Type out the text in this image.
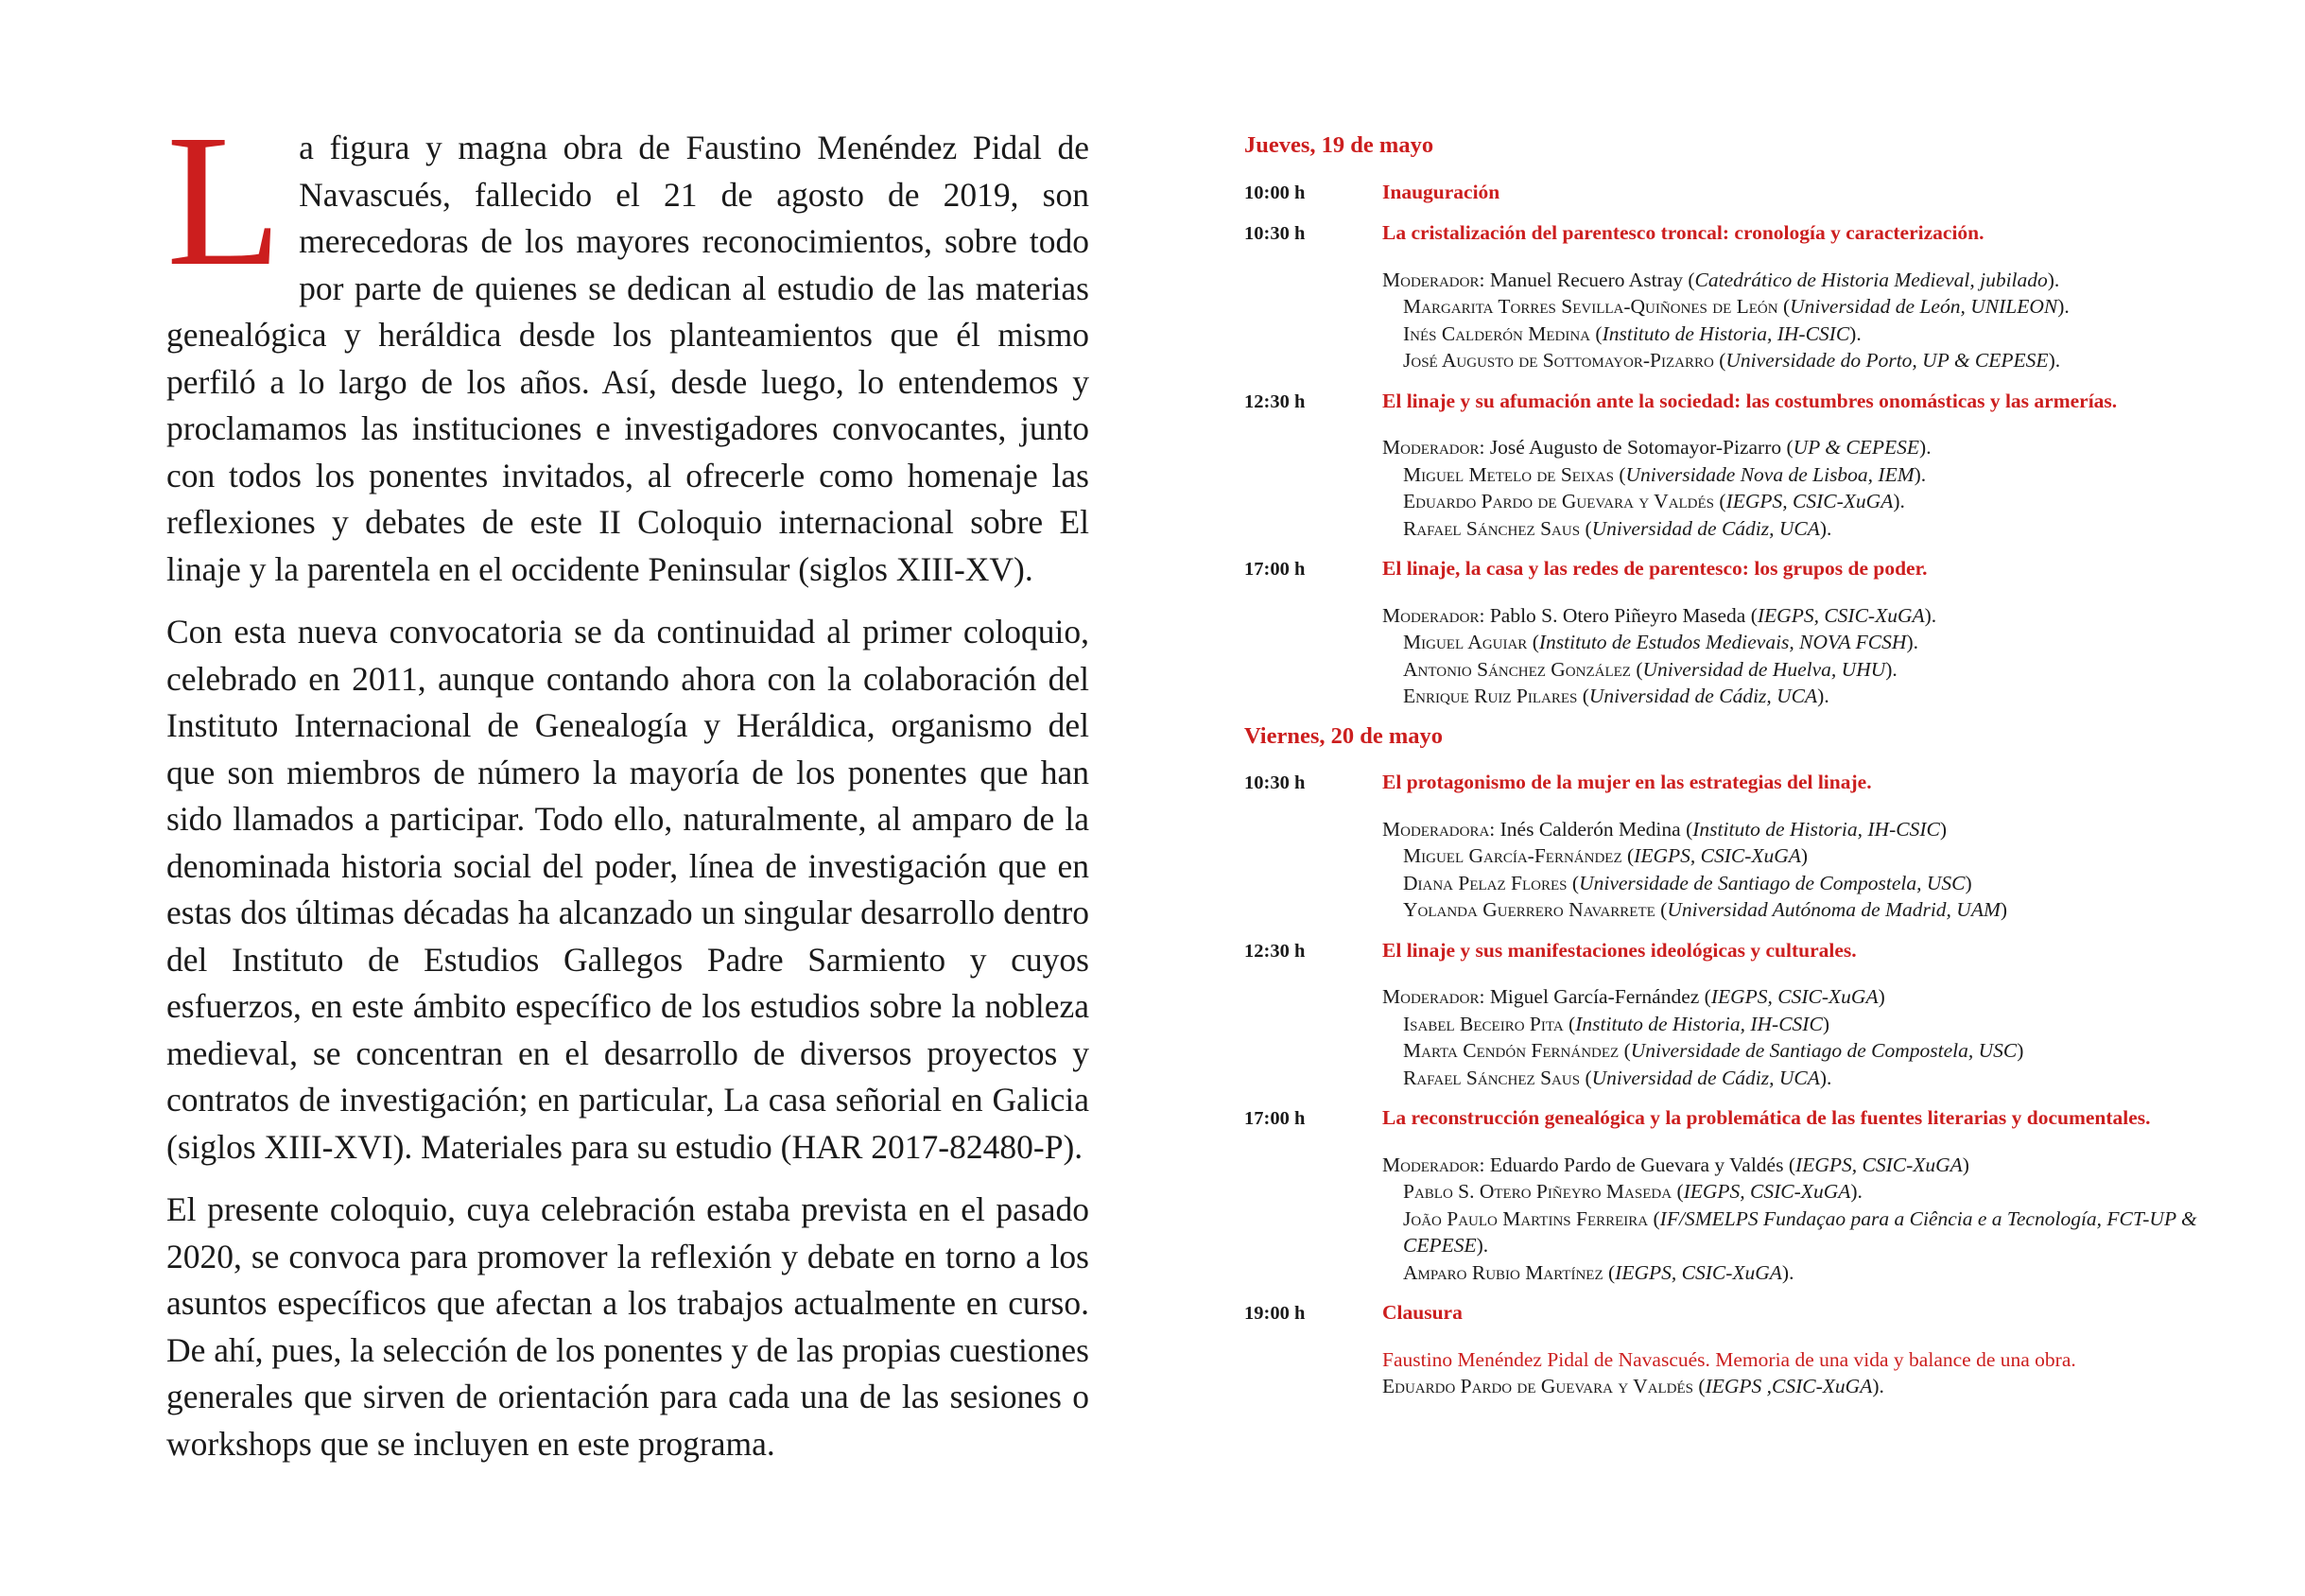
La figura y magna obra de Faustino Menéndez Pidal de Navascués, fallecido el 21 de agosto de 2019, son merecedoras de los mayores reconocimientos, sobre todo por parte de quienes se dedican al estudio de las materias genealógica y heráldica desde los planteamientos que él mismo perfiló a lo largo de los años. Así, desde luego, lo entendemos y proclamamos las instituciones e investigadores convocantes, junto con todos los ponentes invitados, al ofrecerle como homenaje las reflexiones y debates de este II Coloquio internacional sobre El linaje y la parentela en el occidente Peninsular (siglos XIII-XV).

Con esta nueva convocatoria se da continuidad al primer coloquio, celebrado en 2011, aunque contando ahora con la colaboración del Instituto Internacional de Genealogía y Heráldica, organismo del que son miembros de número la mayoría de los ponentes que han sido llamados a participar. Todo ello, naturalmente, al amparo de la denominada historia social del poder, línea de investigación que en estas dos últimas décadas ha alcanzado un singular desarrollo dentro del Instituto de Estudios Gallegos Padre Sarmiento y cuyos esfuerzos, en este ámbito específico de los estudios sobre la nobleza medieval, se concentran en el desarrollo de diversos proyectos y contratos de investigación; en particular, La casa señorial en Galicia (siglos XIII-XVI). Materiales para su estudio (HAR 2017-82480-P).

El presente coloquio, cuya celebración estaba prevista en el pasado 2020, se convoca para promover la reflexión y debate en torno a los asuntos específicos que afectan a los trabajos actualmente en curso. De ahí, pues, la selección de los ponentes y de las propias cuestiones generales que sirven de orientación para cada una de las sesiones o workshops que se incluyen en este programa.

Jueves, 19 de mayo
10:00 h	Inauguración
10:30 h	La cristalización del parentesco troncal: cronología y caracterización.

Moderador: Manuel Recuero Astray (Catedrático de Historia Medieval, jubilado).

Margarita Torres Sevilla-Quiñones de León (Universidad de León, UNILEON).

Inés Calderón Medina (Instituto de Historia, IH-CSIC).

José Augusto de Sottomayor-Pizarro (Universidade do Porto, UP & CEPESE).

12:30 h	El linaje y su afumación ante la sociedad: las costumbres onomásticas y las armerías.

Moderador: José Augusto de Sotomayor-Pizarro (UP & CEPESE).

Miguel Metelo de Seixas (Universidade Nova de Lisboa, IEM).

Eduardo Pardo de Guevara y Valdés (IEGPS, CSIC-XuGA).

Rafael Sánchez Saus (Universidad de Cádiz, UCA).

17:00 h	El linaje, la casa y las redes de parentesco: los grupos de poder.

Moderador: Pablo S. Otero Piñeyro Maseda (IEGPS, CSIC-XuGA).

Miguel Aguiar (Instituto de Estudos Medievais, NOVA FCSH).

Antonio Sánchez González (Universidad de Huelva, UHU).

Enrique Ruiz Pilares (Universidad de Cádiz, UCA).

Viernes, 20 de mayo
10:30 h	El protagonismo de la mujer en las estrategias del linaje.

Moderadora: Inés Calderón Medina (Instituto de Historia, IH-CSIC)

Miguel García-Fernández (IEGPS, CSIC-XuGA)

Diana Pelaz Flores (Universidade de Santiago de Compostela, USC)

Yolanda Guerrero Navarrete (Universidad Autónoma de Madrid, UAM)

12:30 h	El linaje y sus manifestaciones ideológicas y culturales.

Moderador: Miguel García-Fernández (IEGPS, CSIC-XuGA)

Isabel Beceiro Pita (Instituto de Historia, IH-CSIC)

Marta Cendón Fernández (Universidade de Santiago de Compostela, USC)

Rafael Sánchez Saus (Universidad de Cádiz, UCA).

17:00 h	La reconstrucción genealógica y la problemática de las fuentes literarias y documentales.

Moderador: Eduardo Pardo de Guevara y Valdés (IEGPS, CSIC-XuGA)

Pablo S. Otero Piñeyro Maseda (IEGPS, CSIC-XuGA).

João Paulo Martins Ferreira (IF/SMELPS Fundaçao para a Ciência e a Tecnología, FCT-UP & CEPESE).

Amparo Rubio Martínez (IEGPS, CSIC-XuGA).

19:00 h	Clausura

Faustino Menéndez Pidal de Navascués. Memoria de una vida y balance de una obra.

Eduardo Pardo de Guevara y Valdés (IEGPS ,CSIC-XuGA).
